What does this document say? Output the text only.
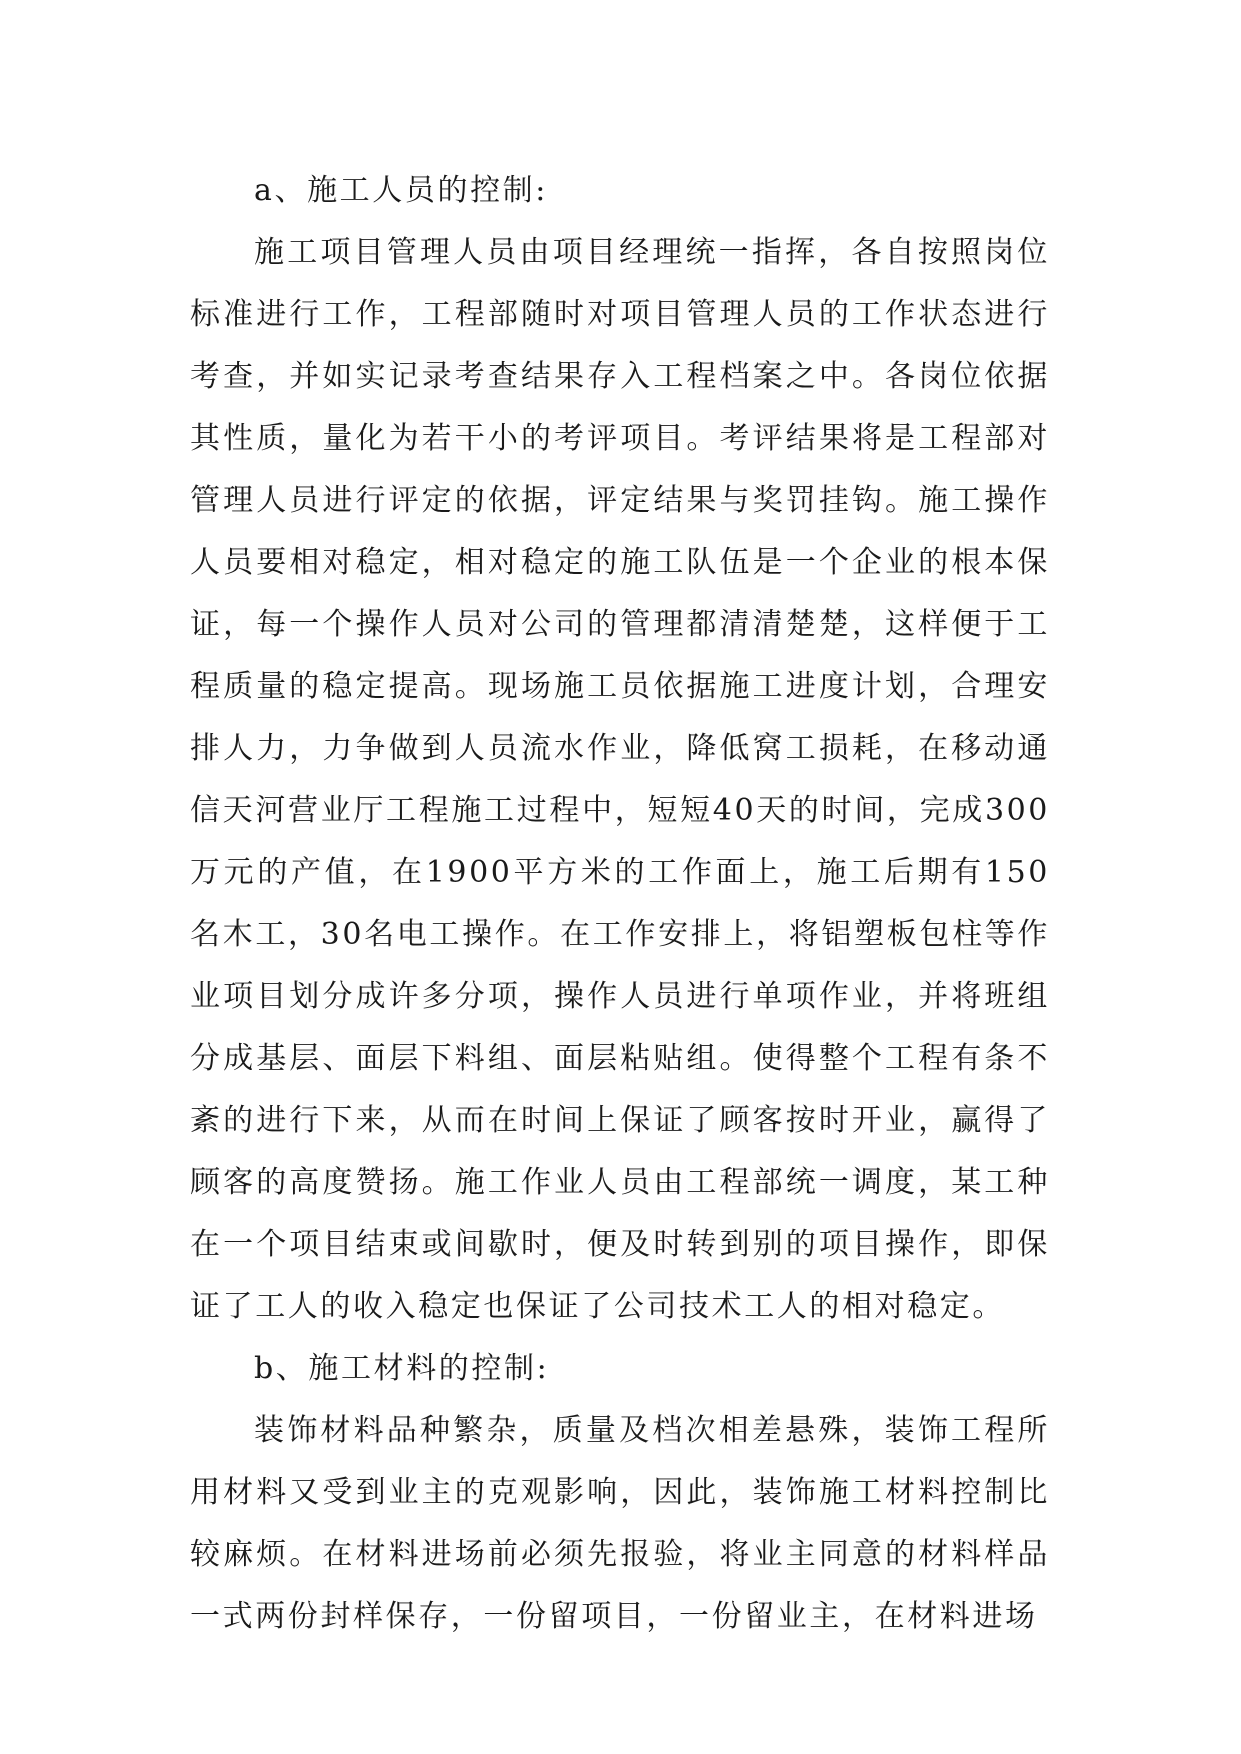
a、施工人员的控制:

施工项目管理人员由项目经理统一指挥，各自按照岗位标准进行工作，工程部随时对项目管理人员的工作状态进行考查，并如实记录考查结果存入工程档案之中。各岗位依据其性质，量化为若干小的考评项目。考评结果将是工程部对管理人员进行评定的依据，评定结果与奖罚挂钩。施工操作人员要相对稳定，相对稳定的施工队伍是一个企业的根本保证，每一个操作人员对公司的管理都清清楚楚，这样便于工程质量的稳定提高。现场施工员依据施工进度计划，合理安排人力，力争做到人员流水作业，降低窝工损耗，在移动通信天河营业厅工程施工过程中，短短40天的时间，完成300万元的产值，在1900平方米的工作面上，施工后期有150名木工，30名电工操作。在工作安排上，将铝塑板包柱等作业项目划分成许多分项，操作人员进行单项作业，并将班组分成基层、面层下料组、面层粘贴组。使得整个工程有条不紊的进行下来，从而在时间上保证了顾客按时开业，赢得了顾客的高度赞扬。施工作业人员由工程部统一调度，某工种在一个项目结束或间歇时，便及时转到别的项目操作，即保证了工人的收入稳定也保证了公司技术工人的相对稳定。

b、施工材料的控制:

装饰材料品种繁杂，质量及档次相差悬殊，装饰工程所用材料又受到业主的克观影响，因此，装饰施工材料控制比较麻烦。在材料进场前必须先报验，将业主同意的材料样品一式两份封样保存，一份留项目，一份留业主，在材料进场
